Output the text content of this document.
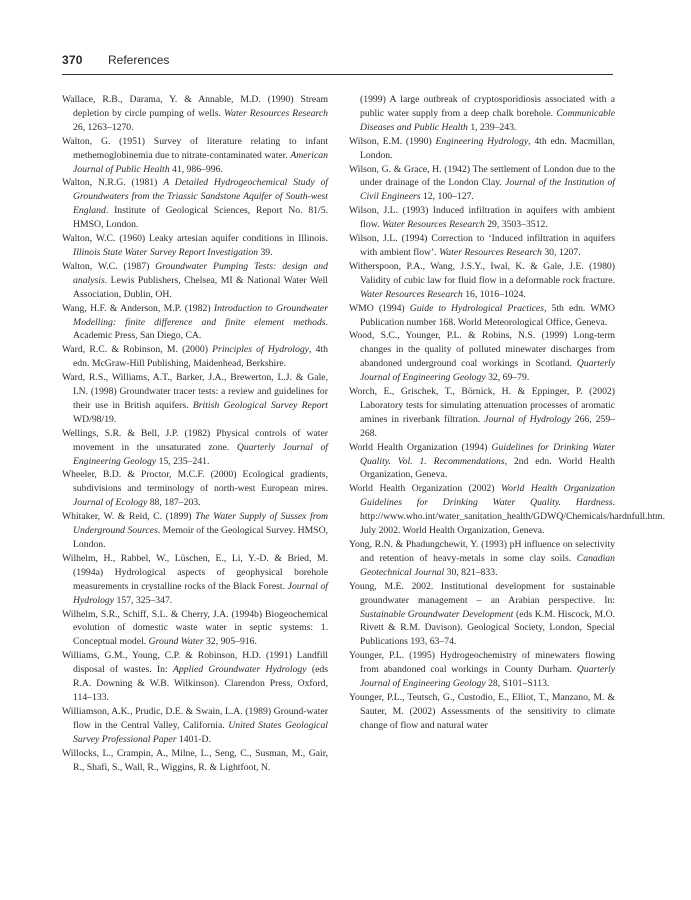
370 References

Wallace, R.B., Darama, Y. & Annable, M.D. (1990) Stream depletion by circle pumping of wells. Water Resources Research 26, 1263–1270.

Walton, G. (1951) Survey of literature relating to infant methemoglobinemia due to nitrate-contaminated water. American Journal of Public Health 41, 986–996.

Walton, N.R.G. (1981) A Detailed Hydrogeochemical Study of Groundwaters from the Triassic Sandstone Aquifer of South-west England. Institute of Geological Sciences, Report No. 81/5. HMSO, London.

Walton, W.C. (1960) Leaky artesian aquifer conditions in Illinois. Illinois State Water Survey Report Investigation 39.

Walton, W.C. (1987) Groundwater Pumping Tests: design and analysis. Lewis Publishers, Chelsea, MI & National Water Well Association, Dublin, OH.

Wang, H.F. & Anderson, M.P. (1982) Introduction to Groundwater Modelling: finite difference and finite element methods. Academic Press, San Diego, CA.

Ward, R.C. & Robinson, M. (2000) Principles of Hydrology, 4th edn. McGraw-Hill Publishing, Maidenhead, Berkshire.

Ward, R.S., Williams, A.T., Barker, J.A., Brewerton, L.J. & Gale, I.N. (1998) Groundwater tracer tests: a review and guidelines for their use in British aquifers. British Geological Survey Report WD/98/19.

Wellings, S.R. & Bell, J.P. (1982) Physical controls of water movement in the unsaturated zone. Quarterly Journal of Engineering Geology 15, 235–241.

Wheeler, B.D. & Proctor, M.C.F. (2000) Ecological gradients, subdivisions and terminology of north-west European mires. Journal of Ecology 88, 187–203.

Whitaker, W. & Reid, C. (1899) The Water Supply of Sussex from Underground Sources. Memoir of the Geological Survey. HMSO, London.

Wilhelm, H., Rabbel, W., Lüschen, E., Li, Y.-D. & Bried, M. (1994a) Hydrological aspects of geophysical borehole measurements in crystalline rocks of the Black Forest. Journal of Hydrology 157, 325–347.

Wilhelm, S.R., Schiff, S.L. & Cherry, J.A. (1994b) Biogeochemical evolution of domestic waste water in septic systems: 1. Conceptual model. Ground Water 32, 905–916.

Williams, G.M., Young, C.P. & Robinson, H.D. (1991) Landfill disposal of wastes. In: Applied Groundwater Hydrology (eds R.A. Downing & W.B. Wilkinson). Clarendon Press, Oxford, 114–133.

Williamson, A.K., Prudic, D.E. & Swain, L.A. (1989) Ground-water flow in the Central Valley, California. United States Geological Survey Professional Paper 1401-D.

Willocks, L., Crampin, A., Milne, L., Seng, C., Susman, M., Gair, R., Shafi, S., Wall, R., Wiggins, R. & Lightfoot, N.

(1999) A large outbreak of cryptosporidiosis associated with a public water supply from a deep chalk borehole. Communicable Diseases and Public Health 1, 239–243.

Wilson, E.M. (1990) Engineering Hydrology, 4th edn. Macmillan, London.

Wilson, G. & Grace, H. (1942) The settlement of London due to the under drainage of the London Clay. Journal of the Institution of Civil Engineers 12, 100–127.

Wilson, J.L. (1993) Induced infiltration in aquifers with ambient flow. Water Resources Research 29, 3503–3512.

Wilson, J.L. (1994) Correction to ‘Induced infiltration in aquifers with ambient flow’. Water Resources Research 30, 1207.

Witherspoon, P.A., Wang, J.S.Y., Iwal, K. & Gale, J.E. (1980) Validity of cubic law for fluid flow in a deformable rock fracture. Water Resources Research 16, 1016–1024.

WMO (1994) Guide to Hydrological Practices, 5th edn. WMO Publication number 168. World Meteorological Office, Geneva.

Wood, S.C., Younger, P.L. & Robins, N.S. (1999) Long-term changes in the quality of polluted minewater discharges from abandoned underground coal workings in Scotland. Quarterly Journal of Engineering Geology 32, 69–79.

Worch, E., Grischek, T., Börnick, H. & Eppinger, P. (2002) Laboratory tests for simulating attenuation processes of aromatic amines in riverbank filtration. Journal of Hydrology 266, 259–268.

World Health Organization (1994) Guidelines for Drinking Water Quality. Vol. 1. Recommendations, 2nd edn. World Health Organization, Geneva.

World Health Organization (2002) World Health Organization Guidelines for Drinking Water Quality. Hardness. http://www.who.int/water_sanitation_health/GDWQ/Chemicals/hardnfull.htm. July 2002. World Health Organization, Geneva.

Yong, R.N. & Phadungchewit, Y. (1993) pH influence on selectivity and retention of heavy-metals in some clay soils. Canadian Geotechnical Journal 30, 821–833.

Young, M.E. 2002. Institutional development for sustainable groundwater management – an Arabian perspective. In: Sustainable Groundwater Development (eds K.M. Hiscock, M.O. Rivett & R.M. Davison). Geological Society, London, Special Publications 193, 63–74.

Younger, P.L. (1995) Hydrogeochemistry of minewaters flowing from abandoned coal workings in County Durham. Quarterly Journal of Engineering Geology 28, S101–S113.

Younger, P.L., Teutsch, G., Custodio, E., Elliot, T., Manzano, M. & Sauter, M. (2002) Assessments of the sensitivity to climate change of flow and natural water
